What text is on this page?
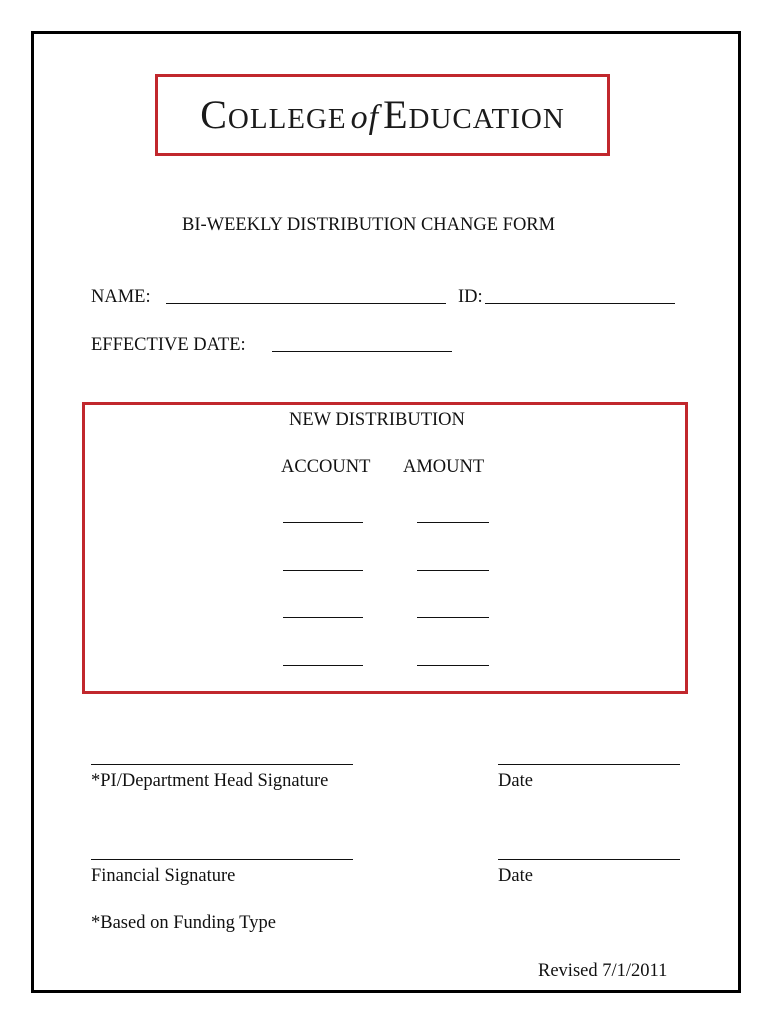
COLLEGE of EDUCATION
BI-WEEKLY DISTRIBUTION CHANGE FORM
NAME:	ID:
EFFECTIVE DATE:
NEW DISTRIBUTION
ACCOUNT AMOUNT
*PI/Department Head Signature	Date
Financial Signature	Date
*Based on Funding Type
Revised 7/1/2011
